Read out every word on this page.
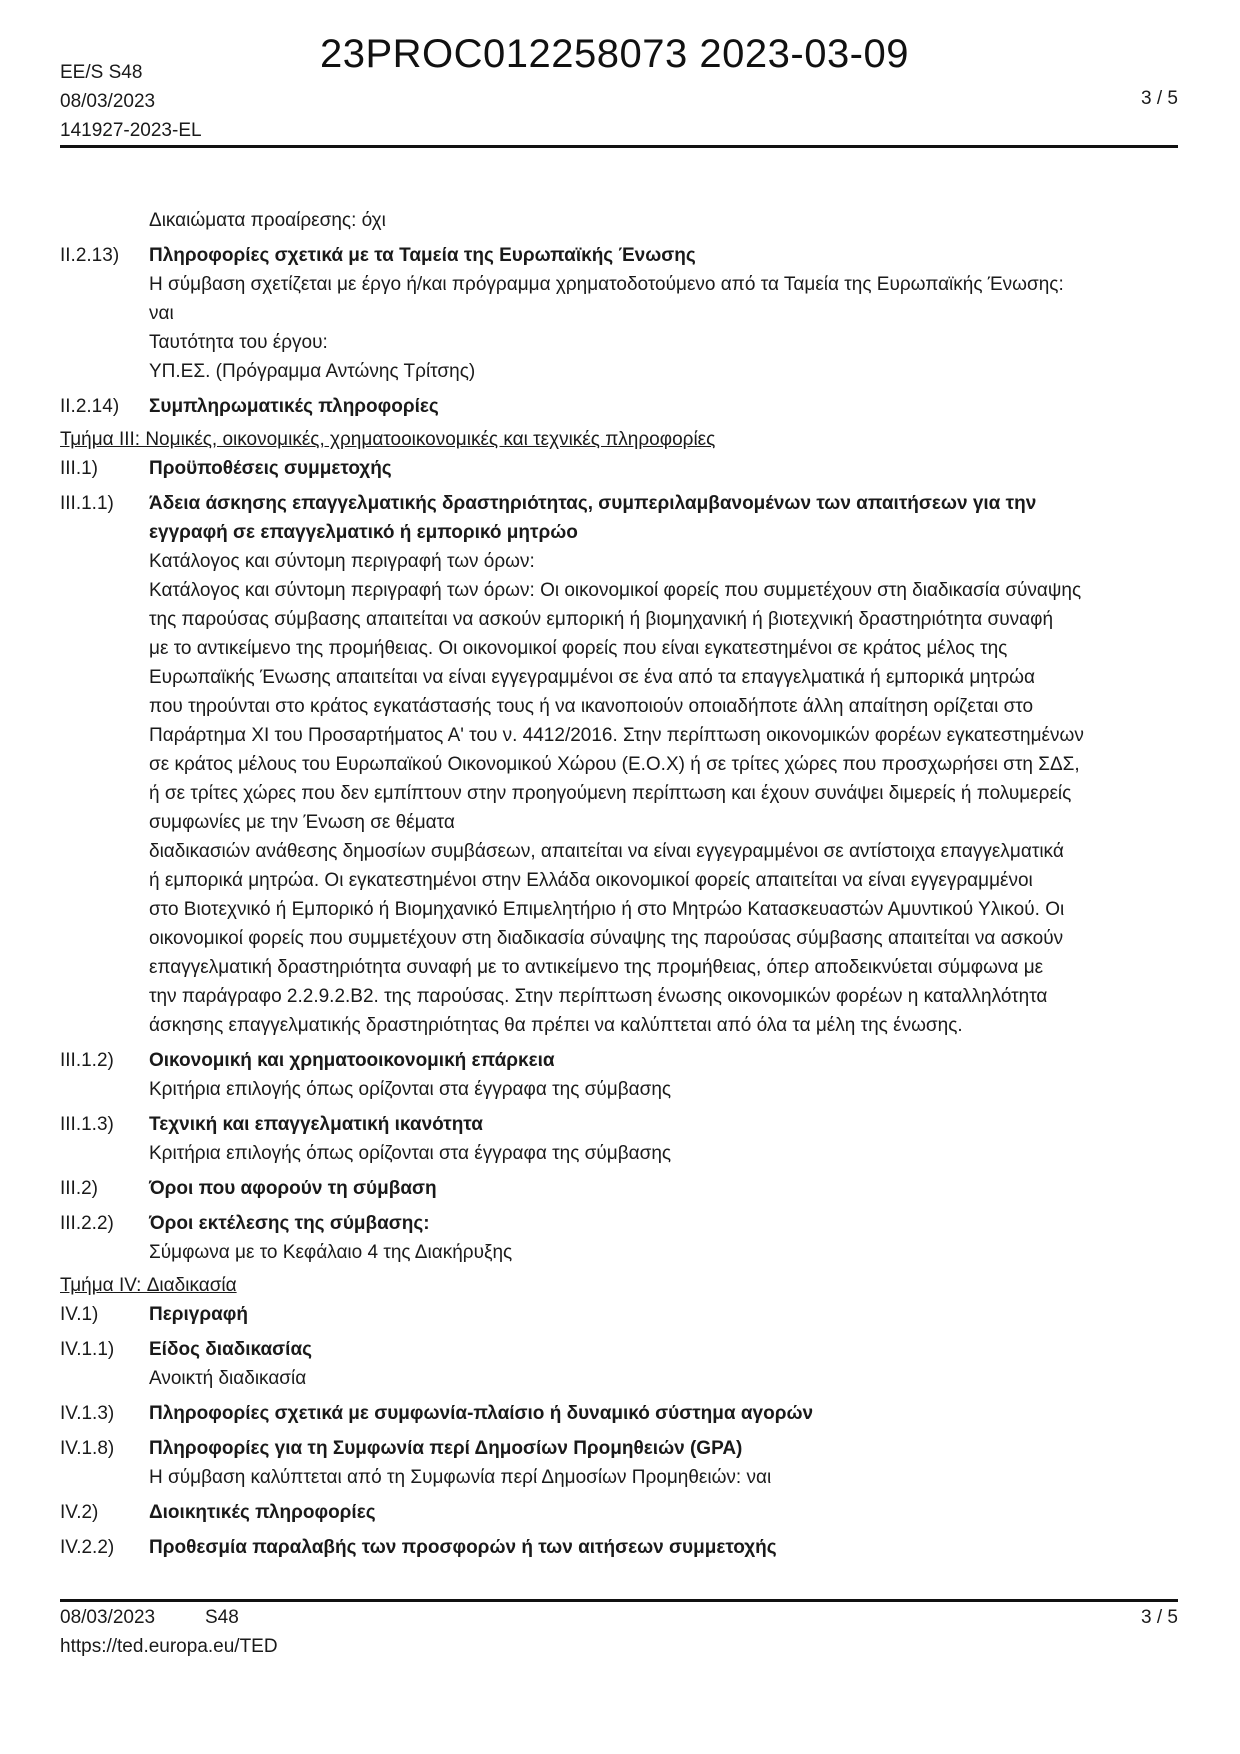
23PROC012258073 2023-03-09
EE/S S48
08/03/2023
141927-2023-EL
3 / 5
Δικαιώματα προαίρεσης: όχι
II.2.13)	Πληροφορίες σχετικά με τα Ταμεία της Ευρωπαϊκής Ένωσης
Η σύμβαση σχετίζεται με έργο ή/και πρόγραμμα χρηματοδοτούμενο από τα Ταμεία της Ευρωπαϊκής Ένωσης:
ναι
Ταυτότητα του έργου:
ΥΠ.ΕΣ. (Πρόγραμμα Αντώνης Τρίτσης)
II.2.14)	Συμπληρωματικές πληροφορίες
Τμήμα III: Νομικές, οικονομικές, χρηματοοικονομικές και τεχνικές πληροφορίες
III.1)	Προϋποθέσεις συμμετοχής
III.1.1)	Άδεια άσκησης επαγγελματικής δραστηριότητας, συμπεριλαμβανομένων των απαιτήσεων για την
εγγραφή σε επαγγελματικό ή εμπορικό μητρώο
Κατάλογος και σύντομη περιγραφή των όρων:
Κατάλογος και σύντομη περιγραφή των όρων: Οι οικονομικοί φορείς που συμμετέχουν στη διαδικασία σύναψης
της παρούσας σύμβασης απαιτείται να ασκούν εμπορική ή βιομηχανική ή βιοτεχνική δραστηριότητα συναφή
με το αντικείμενο της προμήθειας. Οι οικονομικοί φορείς που είναι εγκατεστημένοι σε κράτος μέλος της
Ευρωπαϊκής Ένωσης απαιτείται να είναι εγγεγραμμένοι σε ένα από τα επαγγελματικά ή εμπορικά μητρώα
που τηρούνται στο κράτος εγκατάστασής τους ή να ικανοποιούν οποιαδήποτε άλλη απαίτηση ορίζεται στο
Παράρτημα XI του Προσαρτήματος Α' του ν. 4412/2016. Στην περίπτωση οικονομικών φορέων εγκατεστημένων
σε κράτος μέλους του Ευρωπαϊκού Οικονομικού Χώρου (Ε.Ο.Χ) ή σε τρίτες χώρες που προσχωρήσει στη ΣΔΣ,
ή σε τρίτες χώρες που δεν εμπίπτουν στην προηγούμενη περίπτωση και έχουν συνάψει διμερείς ή πολυμερείς
συμφωνίες με την Ένωση σε θέματα
διαδικασιών ανάθεσης δημοσίων συμβάσεων, απαιτείται να είναι εγγεγραμμένοι σε αντίστοιχα επαγγελματικά
ή εμπορικά μητρώα. Οι εγκατεστημένοι στην Ελλάδα οικονομικοί φορείς απαιτείται να είναι εγγεγραμμένοι
στο Βιοτεχνικό ή Εμπορικό ή Βιομηχανικό Επιμελητήριο ή στο Μητρώο Κατασκευαστών Αμυντικού Υλικού. Οι
οικονομικοί φορείς που συμμετέχουν στη διαδικασία σύναψης της παρούσας σύμβασης απαιτείται να ασκούν
επαγγελματική δραστηριότητα συναφή με το αντικείμενο της προμήθειας, όπερ αποδεικνύεται σύμφωνα με
την παράγραφο 2.2.9.2.Β2. της παρούσας. Στην περίπτωση ένωσης οικονομικών φορέων η καταλληλότητα
άσκησης επαγγελματικής δραστηριότητας θα πρέπει να καλύπτεται από όλα τα μέλη της ένωσης.
III.1.2)	Οικονομική και χρηματοοικονομική επάρκεια
Κριτήρια επιλογής όπως ορίζονται στα έγγραφα της σύμβασης
III.1.3)	Τεχνική και επαγγελματική ικανότητα
Κριτήρια επιλογής όπως ορίζονται στα έγγραφα της σύμβασης
III.2)	Όροι που αφορούν τη σύμβαση
III.2.2)	Όροι εκτέλεσης της σύμβασης:
Σύμφωνα με το Κεφάλαιο 4 της Διακήρυξης
Τμήμα IV: Διαδικασία
IV.1)	Περιγραφή
IV.1.1)	Είδος διαδικασίας
Ανοικτή διαδικασία
IV.1.3)	Πληροφορίες σχετικά με συμφωνία-πλαίσιο ή δυναμικό σύστημα αγορών
IV.1.8)	Πληροφορίες για τη Συμφωνία περί Δημοσίων Προμηθειών (GPA)
Η σύμβαση καλύπτεται από τη Συμφωνία περί Δημοσίων Προμηθειών: ναι
IV.2)	Διοικητικές πληροφορίες
IV.2.2)	Προθεσμία παραλαβής των προσφορών ή των αιτήσεων συμμετοχής
08/03/2023	S48
https://ted.europa.eu/TED
3 / 5
